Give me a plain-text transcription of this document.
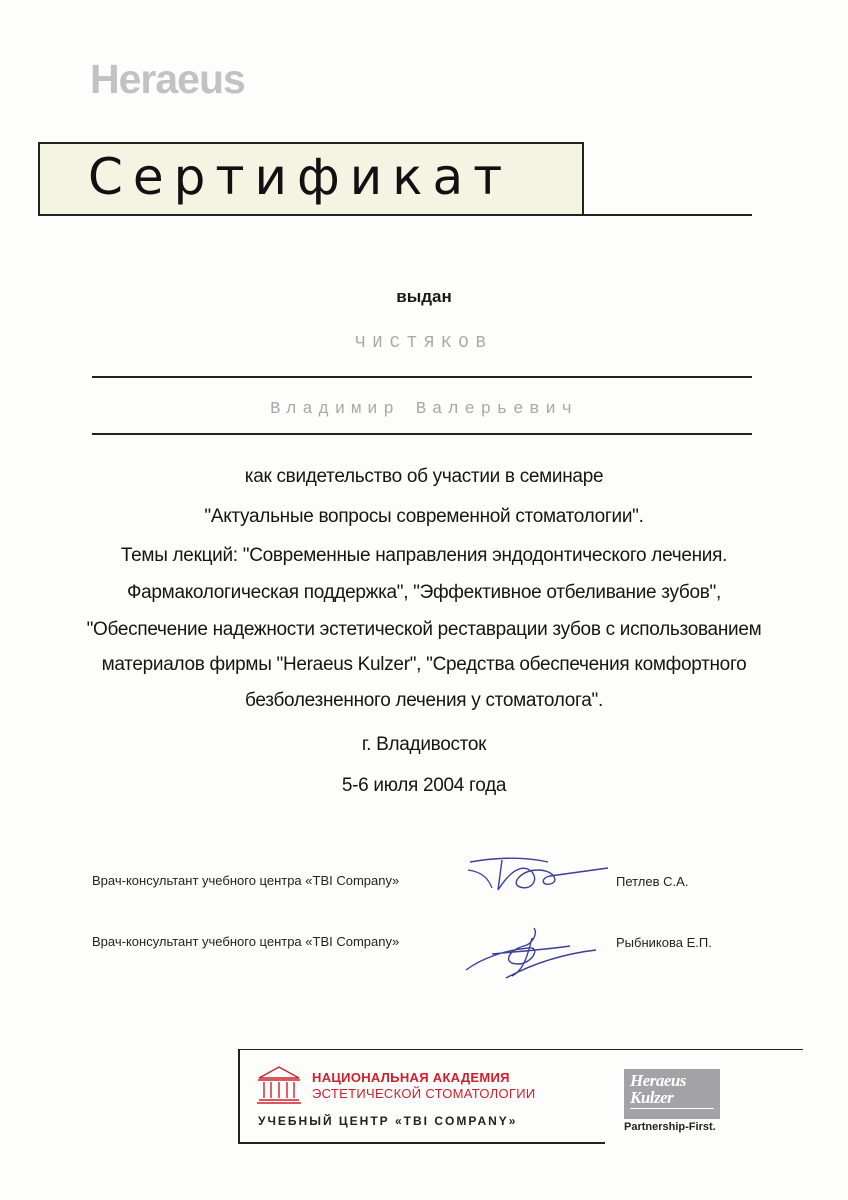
Heraeus
Сертификат
выдан
ЧИСТЯКОВ
Владимир Валерьевич
как свидетельство об участии в семинаре
"Актуальные вопросы современной стоматологии".
Темы лекций: "Современные направления эндодонтического лечения.
Фармакологическая поддержка", "Эффективное отбеливание зубов",
"Обеспечение надежности эстетической реставрации зубов с использованием
материалов фирмы "Heraeus Kulzer", "Средства обеспечения комфортного
безболезненного лечения у стоматолога".
г. Владивосток
5-6 июля 2004 года
Врач-консультант учебного центра «TBI Company»	Петлев С.А.
Врач-консультант учебного центра «TBI Company»	Рыбникова Е.П.
НАЦИОНАЛЬНАЯ АКАДЕМИЯ
ЭСТЕТИЧЕСКОЙ СТОМАТОЛОГИИ
УЧЕБНЫЙ ЦЕНТР «TBI COMPANY»
Heraeus
Kulzer
Partnership-First.
